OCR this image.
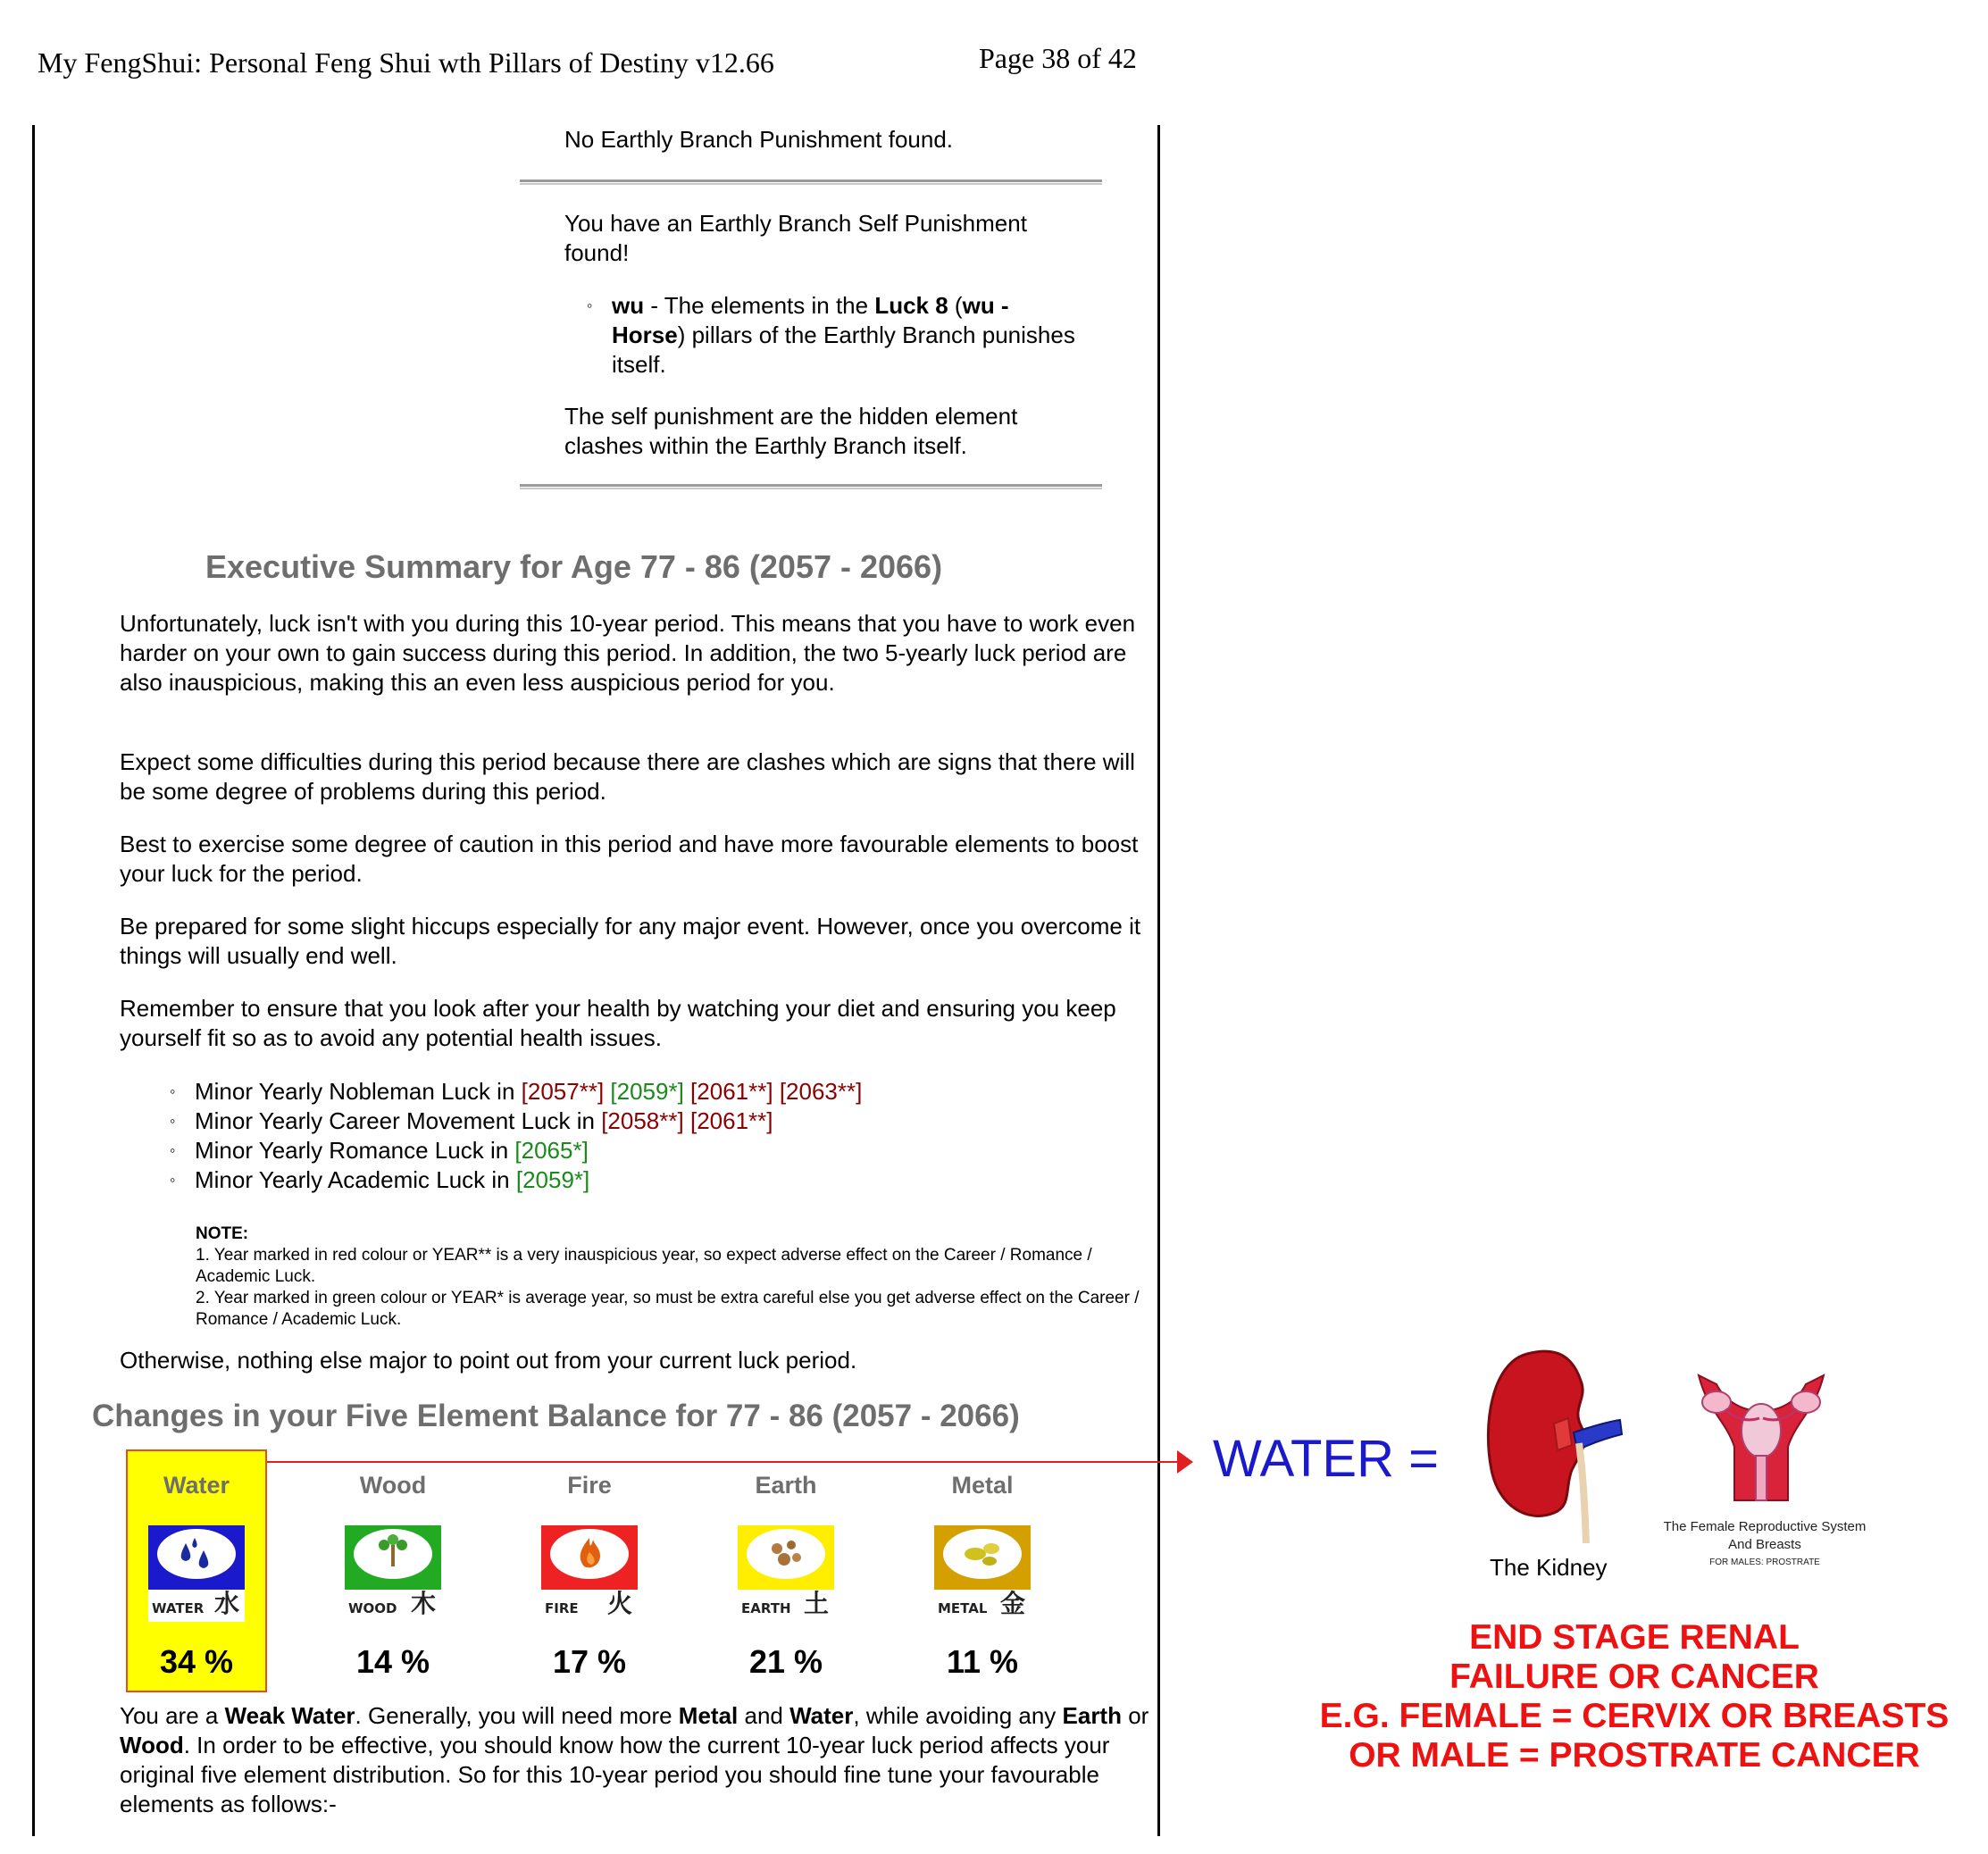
My FengShui: Personal Feng Shui wth Pillars of Destiny v12.66	Page 38 of 42
No Earthly Branch Punishment found.
You have an Earthly Branch Self Punishment found!
◦ wu - The elements in the Luck 8 (wu - Horse) pillars of the Earthly Branch punishes itself.
The self punishment are the hidden element clashes within the Earthly Branch itself.
Executive Summary for Age 77 - 86 (2057 - 2066)
Unfortunately, luck isn't with you during this 10-year period. This means that you have to work even harder on your own to gain success during this period. In addition, the two 5-yearly luck period are also inauspicious, making this an even less auspicious period for you.
Expect some difficulties during this period because there are clashes which are signs that there will be some degree of problems during this period.
Best to exercise some degree of caution in this period and have more favourable elements to boost your luck for the period.
Be prepared for some slight hiccups especially for any major event. However, once you overcome it things will usually end well.
Remember to ensure that you look after your health by watching your diet and ensuring you keep yourself fit so as to avoid any potential health issues.
◦ Minor Yearly Nobleman Luck in [2057**] [2059*] [2061**] [2063**]
◦ Minor Yearly Career Movement Luck in [2058**] [2061**]
◦ Minor Yearly Romance Luck in [2065*]
◦ Minor Yearly Academic Luck in [2059*]
NOTE:
1. Year marked in red colour or YEAR** is a very inauspicious year, so expect adverse effect on the Career / Romance / Academic Luck.
2. Year marked in green colour or YEAR* is average year, so must be extra careful else you get adverse effect on the Career / Romance / Academic Luck.
Otherwise, nothing else major to point out from your current luck period.
Changes in your Five Element Balance for 77 - 86 (2057 - 2066)
Water
WATER 水
34 %
Wood
WOOD 木
14 %
Fire
FIRE 火
17 %
Earth
EARTH 土
21 %
Metal
METAL 金
11 %
You are a Weak Water. Generally, you will need more Metal and Water, while avoiding any Earth or Wood. In order to be effective, you should know how the current 10-year luck period affects your original five element distribution. So for this 10-year period you should fine tune your favourable elements as follows:-
WATER =
The Kidney
The Female Reproductive System
And Breasts
FOR MALES: PROSTRATE
END STAGE RENAL
FAILURE OR CANCER
E.G. FEMALE = CERVIX OR BREASTS
OR MALE = PROSTRATE CANCER
